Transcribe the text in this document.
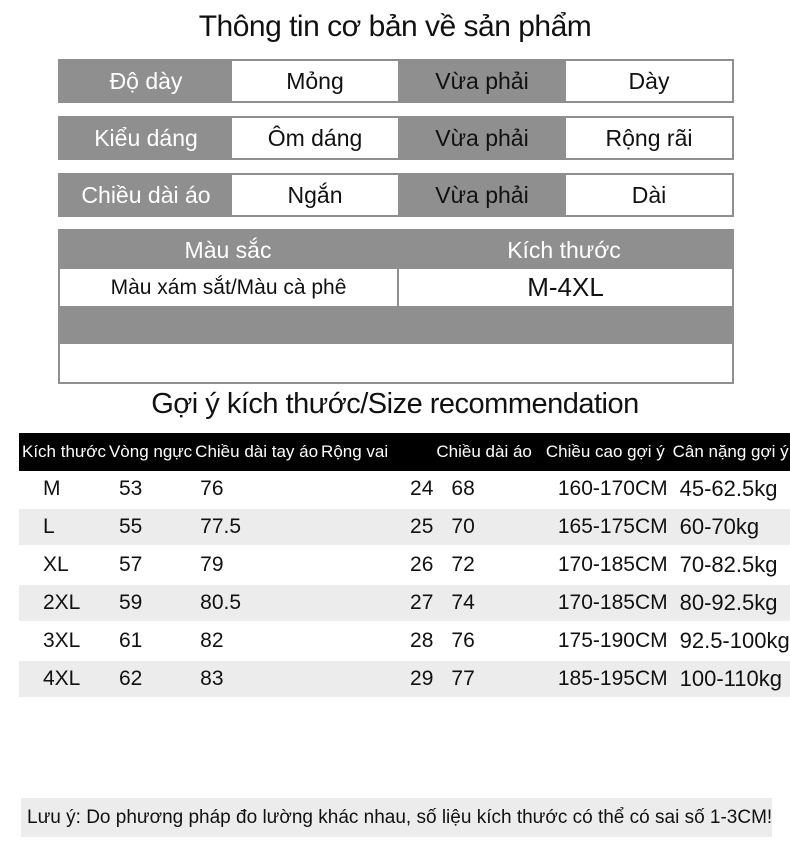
Thông tin cơ bản về sản phẩm
Độ dày	Mỏng	Vừa phải	Dày
Kiểu dáng	Ôm dáng	Vừa phải	Rộng rãi
Chiều dài áo	Ngắn	Vừa phải	Dài
Màu sắc	Kích thước
Màu xám sắt/Màu cà phê	M-4XL
Gợi ý kích thước/Size recommendation
Kích thước	Vòng ngực	Chiều dài tay áo	Rộng vai	Chiều dài áo	Chiều cao gợi ý	Cân nặng gợi ý
M	53	76	24	68	160-170CM	45-62.5kg

L	55	77.5	25	70	165-175CM	60-70kg

XL	57	79	26	72	170-185CM	70-82.5kg

2XL	59	80.5	27	74	170-185CM	80-92.5kg

3XL	61	82	28	76	175-190CM	92.5-100kg

4XL	62	83	29	77	185-195CM	100-110kg
Lưu ý: Do phương pháp đo lường khác nhau, số liệu kích thước có thể có sai số 1-3CM!
